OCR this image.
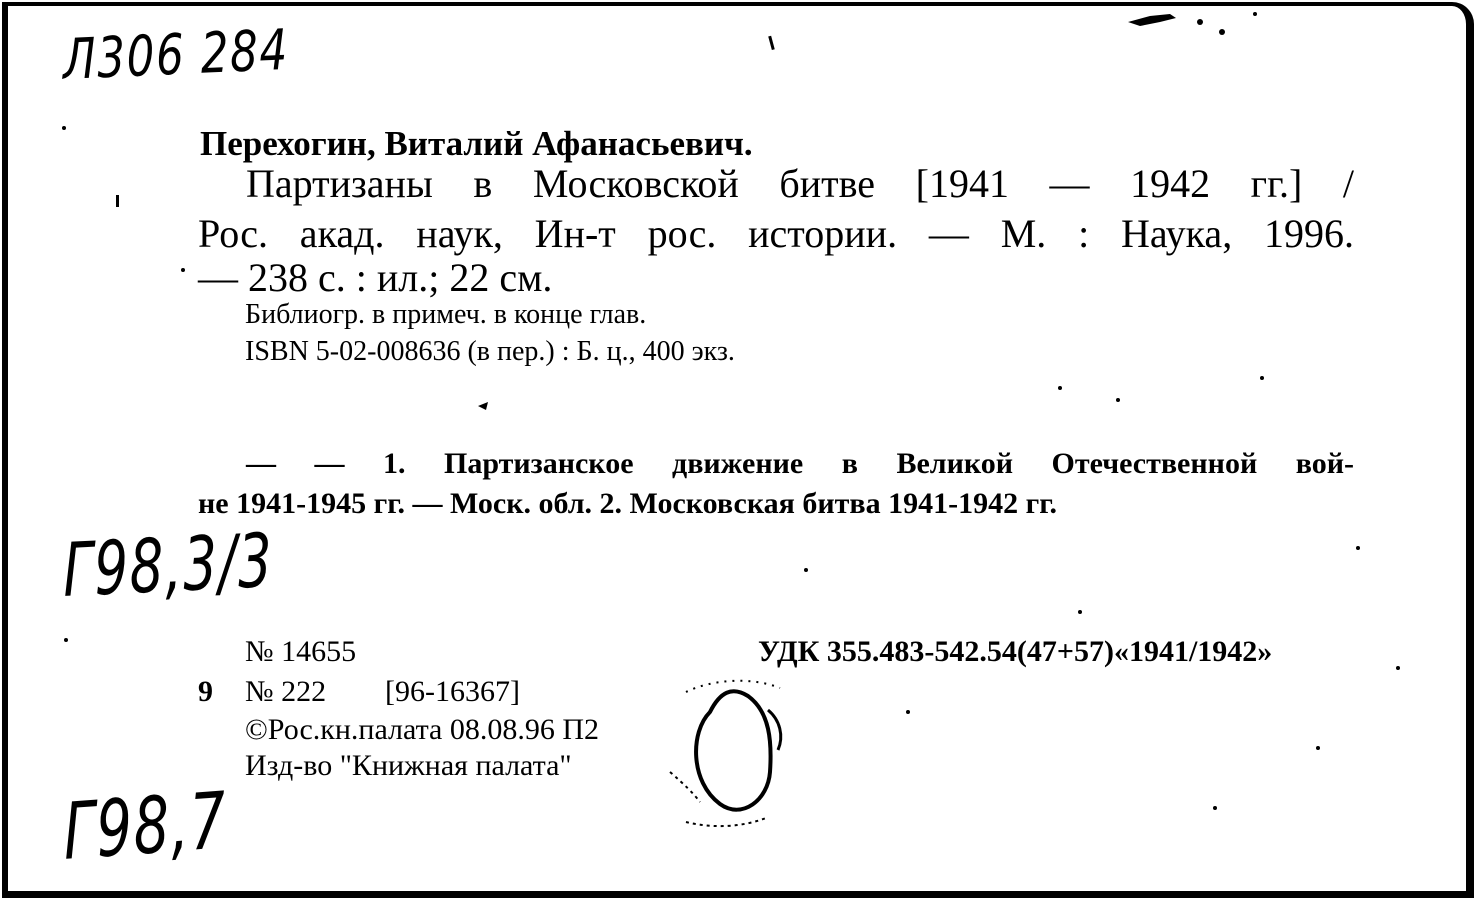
Л306 284
Г98,3/3
Г98,7
Перехогин, Виталий Афанасьевич.
Партизаны в Московской битве [1941 — 1942 гг.] /
Рос. акад. наук, Ин-т рос. истории. — М. : Наука, 1996.
— 238 с. : ил.; 22 см.
Библиогр. в примеч. в конце глав.
ISBN 5-02-008636 (в пер.) : Б. ц., 400 экз.
— — 1. Партизанское движение в Великой Отечественной вой-
не 1941-1945 гг. — Моск. обл. 2. Московская битва 1941-1942 гг.
№ 14655	УДК 355.483-542.54(47+57)«1941/1942»
9 № 222 [96-16367]
©Рос.кн.палата 08.08.96 П2
Изд-во "Книжная палата"
